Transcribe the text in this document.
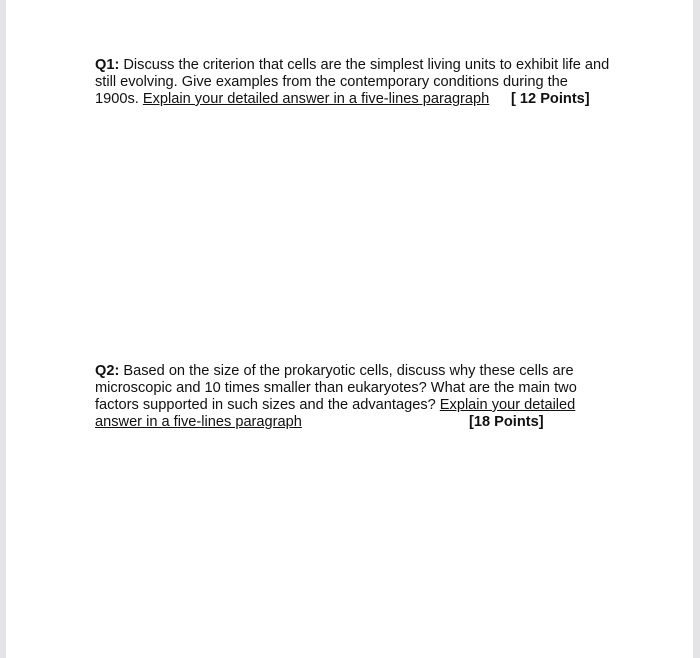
Q1: Discuss the criterion that cells are the simplest living units to exhibit life and
still evolving. Give examples from the contemporary conditions during the
1900s. Explain your detailed answer in a five-lines paragraph [ 12 Points]
Q2: Based on the size of the prokaryotic cells, discuss why these cells are
microscopic and 10 times smaller than eukaryotes? What are the main two
factors supported in such sizes and the advantages? Explain your detailed
answer in a five-lines paragraph	[18 Points]
